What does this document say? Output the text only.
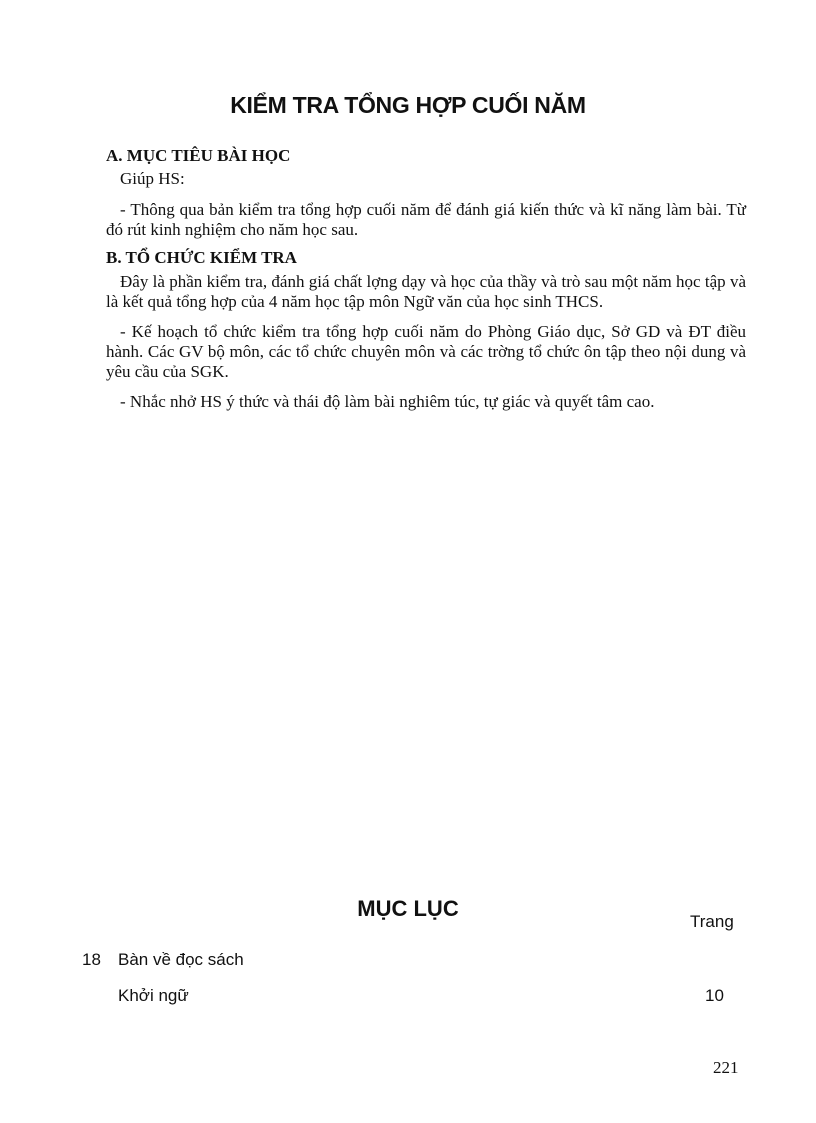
KIỂM TRA TỔNG HỢP CUỐI NĂM
A. MỤC TIÊU BÀI HỌC
Giúp HS:

- Thông qua bản kiểm tra tổng hợp cuối năm để đánh giá kiến thức và kĩ năng làm bài. Từ đó rút kinh nghiệm cho năm học sau.

B. TỔ CHỨC KIỂM TRA

Đây là phần kiểm tra, đánh giá chất lợng dạy và học của thầy và trò sau một năm học tập và là kết quả tổng hợp của 4 năm học tập môn Ngữ văn của học sinh THCS.

- Kế hoạch tổ chức kiểm tra tổng hợp cuối năm do Phòng Giáo dục, Sở GD và ĐT điều hành. Các GV bộ môn, các tổ chức chuyên môn và các trờng tổ chức ôn tập theo nội dung và yêu cầu của SGK.

- Nhắc nhở HS ý thức và thái độ làm bài nghiêm túc, tự giác và quyết tâm cao.

MỤC LỤC
Trang
18 Bàn về đọc sách
Khởi ngữ	10
221
